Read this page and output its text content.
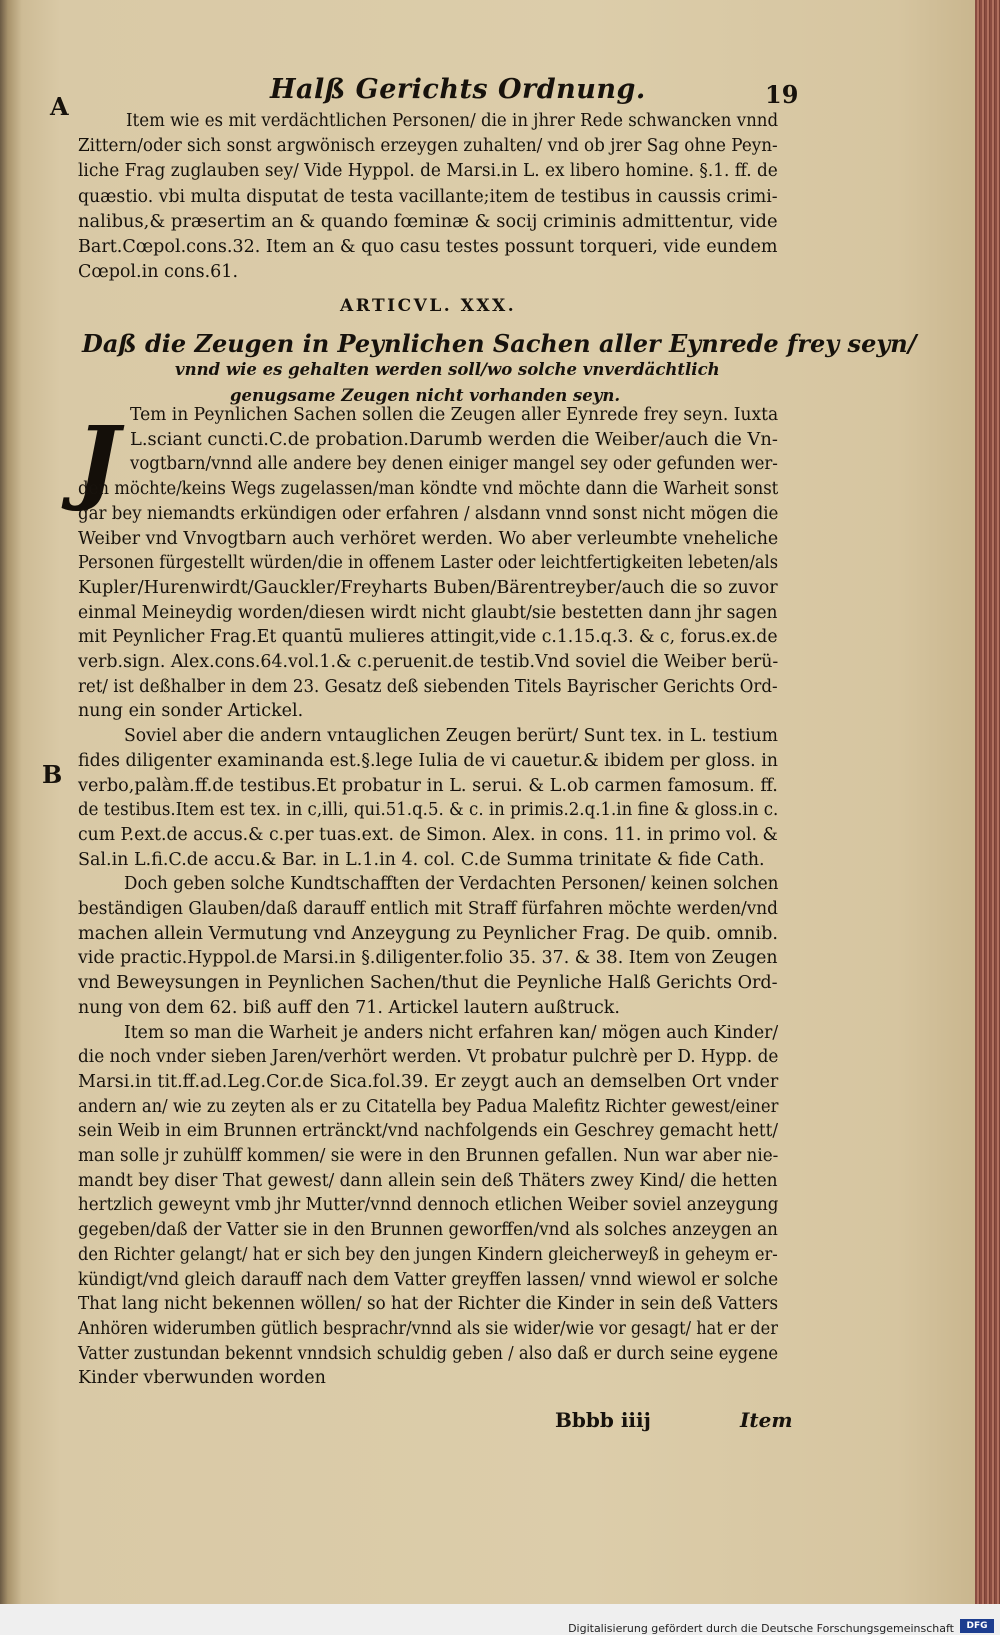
Halß Gerichts Ordnung.	19
A
B
Item wie es mit verdächtlichen Personen/ die in jhrer Rede schwancken vnnd
Zittern/oder sich sonst argwönisch erzeygen zuhalten/ vnd ob jrer Sag ohne Peyn-
liche Frag zuglauben sey/ Vide Hyppol. de Marsi.in L. ex libero homine. §.1. ff. de
quæstio. vbi multa disputat de testa vacillante;item de testibus in caussis crimi-
nalibus,& præsertim an & quando fœminæ & socij criminis admittentur, vide
Bart.Cœpol.cons.32. Item an & quo casu testes possunt torqueri, vide eundem
Cœpol.in cons.61.
ARTICVL. XXX.
Daß die Zeugen in Peynlichen Sachen aller Eynrede frey seyn/
vnnd wie es gehalten werden soll/wo solche vnverdächtlich
genugsame Zeugen nicht vorhanden seyn.
J Tem in Peynlichen Sachen sollen die Zeugen aller Eynrede frey seyn. Iuxta
L.sciant cuncti.C.de probation.Darumb werden die Weiber/auch die Vn-
vogtbarn/vnnd alle andere bey denen einiger mangel sey oder gefunden wer-
den möchte/keins Wegs zugelassen/man köndte vnd möchte dann die Warheit sonst
gar bey niemandts erkündigen oder erfahren / alsdann vnnd sonst nicht mögen die
Weiber vnd Vnvogtbarn auch verhöret werden. Wo aber verleumbte vneheliche
Personen fürgestellt würden/die in offenem Laster oder leichtfertigkeiten lebeten/als
Kupler/Hurenwirdt/Gauckler/Freyharts Buben/Bärentreyber/auch die so zuvor
einmal Meineydig worden/diesen wirdt nicht glaubt/sie bestetten dann jhr sagen
mit Peynlicher Frag.Et quantū mulieres attingit,vide c.1.15.q.3. & c, forus.ex.de
verb.sign. Alex.cons.64.vol.1.& c.peruenit.de testib.Vnd soviel die Weiber berü-
ret/ ist deßhalber in dem 23. Gesatz deß siebenden Titels Bayrischer Gerichts Ord-
nung ein sonder Artickel.
Soviel aber die andern vntauglichen Zeugen berürt/ Sunt tex. in L. testium
fides diligenter examinanda est.§.lege Iulia de vi cauetur.& ibidem per gloss. in
verbo,palàm.ff.de testibus.Et probatur in L. serui. & L.ob carmen famosum. ff.
de testibus.Item est tex. in c,illi, qui.51.q.5. & c. in primis.2.q.1.in fine & gloss.in c.
cum P.ext.de accus.& c.per tuas.ext. de Simon. Alex. in cons. 11. in primo vol. &
Sal.in L.fi.C.de accu.& Bar. in L.1.in 4. col. C.de Summa trinitate & fide Cath.
Doch geben solche Kundtschafften der Verdachten Personen/ keinen solchen
beständigen Glauben/daß darauff entlich mit Straff fürfahren möchte werden/vnd
machen allein Vermutung vnd Anzeygung zu Peynlicher Frag. De quib. omnib.
vide practic.Hyppol.de Marsi.in §.diligenter.folio 35. 37. & 38. Item von Zeugen
vnd Beweysungen in Peynlichen Sachen/thut die Peynliche Halß Gerichts Ord-
nung von dem 62. biß auff den 71. Artickel lautern außtruck.
Item so man die Warheit je anders nicht erfahren kan/ mögen auch Kinder/
die noch vnder sieben Jaren/verhört werden. Vt probatur pulchrè per D. Hypp. de
Marsi.in tit.ff.ad.Leg.Cor.de Sica.fol.39. Er zeygt auch an demselben Ort vnder
andern an/ wie zu zeyten als er zu Citatella bey Padua Malefitz Richter gewest/einer
sein Weib in eim Brunnen ertränckt/vnd nachfolgends ein Geschrey gemacht hett/
man solle jr zuhülff kommen/ sie were in den Brunnen gefallen. Nun war aber nie-
mandt bey diser That gewest/ dann allein sein deß Thäters zwey Kind/ die hetten
hertzlich geweynt vmb jhr Mutter/vnnd dennoch etlichen Weiber soviel anzeygung
gegeben/daß der Vatter sie in den Brunnen geworffen/vnd als solches anzeygen an
den Richter gelangt/ hat er sich bey den jungen Kindern gleicherweyß in geheym er-
kündigt/vnd gleich darauff nach dem Vatter greyffen lassen/ vnnd wiewol er solche
That lang nicht bekennen wöllen/ so hat der Richter die Kinder in sein deß Vatters
Anhören widerumben gütlich besprachr/vnnd als sie wider/wie vor gesagt/ hat er der
Vatter zustundan bekennt vnndsich schuldig geben / also daß er durch seine eygene
Kinder vberwunden worden
Bbbb iiij	Item
Digitalisierung gefördert durch die Deutsche Forschungsgemeinschaft	DFG
